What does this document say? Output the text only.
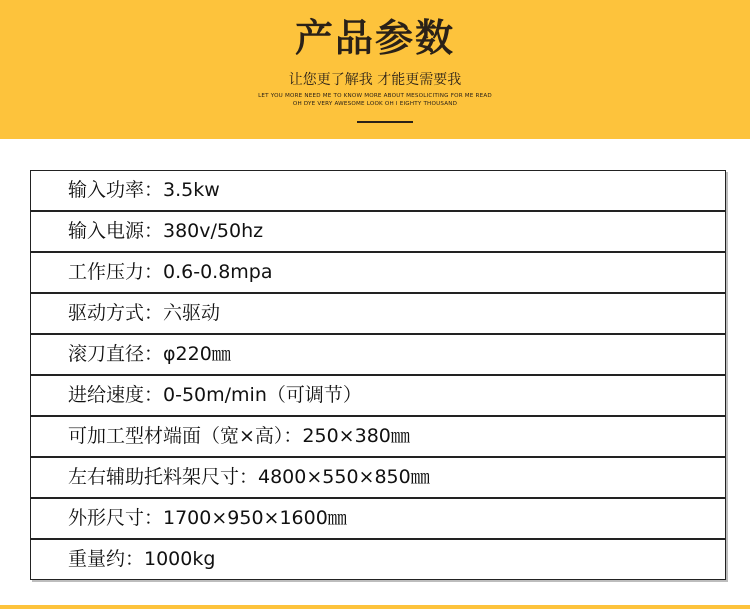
产品参数
让您更了解我 才能更需要我
LET YOU MORE NEED ME TO KNOW MORE ABOUT MESOLICITING FOR ME READ
OH DYE VERY AWESOME LOOK OH I EIGHTY THOUSAND
输入功率：3.5kw
输入电源：380v/50hz
工作压力：0.6-0.8mpa
驱动方式：六驱动
滚刀直径：φ220㎜
进给速度：0-50m/min（可调节）
可加工型材端面（宽×高）：250×380㎜
左右辅助托料架尺寸：4800×550×850㎜
外形尺寸：1700×950×1600㎜
重量约：1000kg
